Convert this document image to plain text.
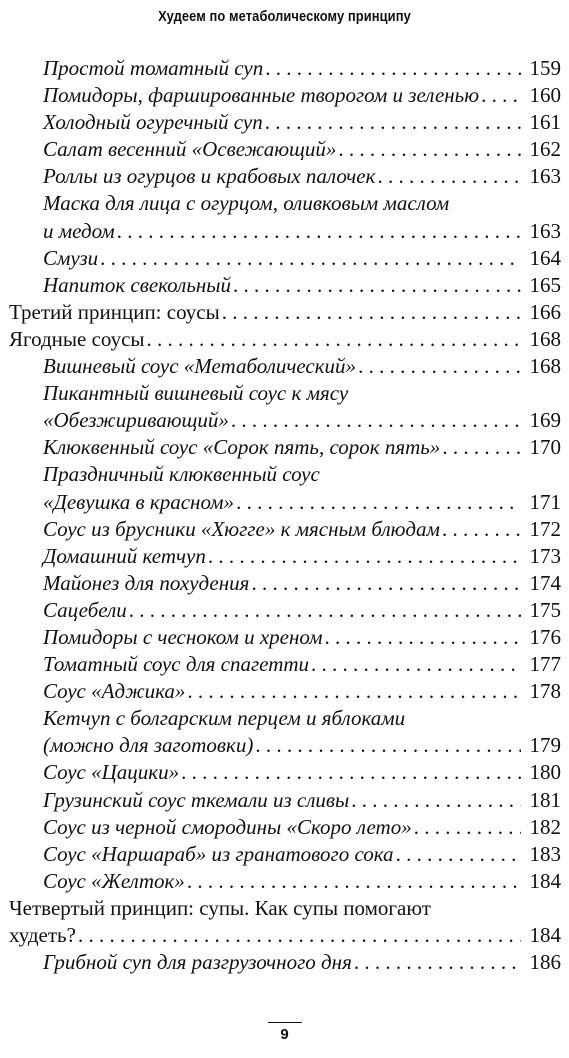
Худеем по метаболическому принципу
Простой томатный суп . . .	159
Помидоры, фаршированные творогом и зеленью . . . 160
Холодный огуречный суп . . .	161
Салат весенний «Освежающий» . . .	162
Роллы из огурцов и крабовых палочек . . .	163
Маска для лица с огурцом, оливковым маслом
и медом . . .	163
Смузи . . .	164
Напиток свекольный . . .	165
Третий принцип: соусы . . .	166
Ягодные соусы . . .	168
Вишневый соус «Метаболический» . . .	168
Пикантный вишневый соус к мясу
«Обезжиривающий» . . .	169
Клюквенный соус «Сорок пять, сорок пять» . . .	170
Праздничный клюквенный соус
«Девушка в красном» . . .	171
Соус из брусники «Хюгге» к мясным блюдам . . .	172
Домашний кетчуп . . .	173
Майонез для похудения . . .	174
Сацебели . . .	175
Помидоры с чесноком и хреном . . .	176
Томатный соус для спагетти . . .	177
Соус «Аджика» . . .	178
Кетчуп с болгарским перцем и яблоками
(можно для заготовки) . . .	179
Соус «Цацики» . . .	180
Грузинский соус ткемали из сливы . . .	181
Соус из черной смородины «Скоро лето» . . .	182
Соус «Наршараб» из гранатового сока . . .	183
Соус «Желток» . . .	184
Четвертый принцип: супы. Как супы помогают
худеть? . . .	184
Грибной суп для разгрузочного дня . . .	186
9
